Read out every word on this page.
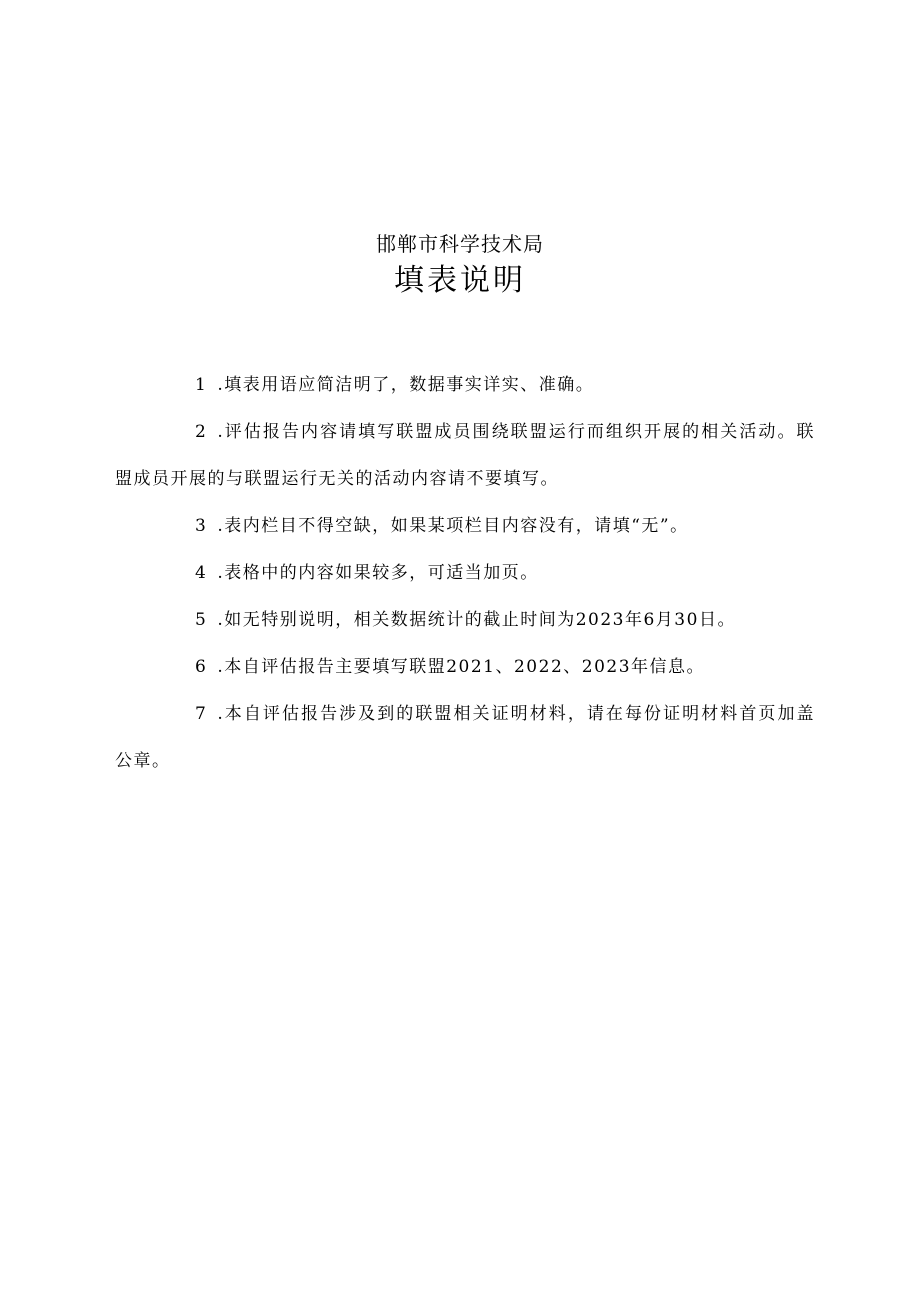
邯郸市科学技术局
填表说明

1 .填表用语应简洁明了，数据事实详实、准确。

2 .评估报告内容请填写联盟成员围绕联盟运行而组织开展的相关活动。联盟成员开展的与联盟运行无关的活动内容请不要填写。

3 .表内栏目不得空缺，如果某项栏目内容没有，请填“无”。

4 .表格中的内容如果较多，可适当加页。

5 .如无特别说明，相关数据统计的截止时间为2023年6月30日。

6 .本自评估报告主要填写联盟2021、2022、2023年信息。

7 .本自评估报告涉及到的联盟相关证明材料，请在每份证明材料首页加盖公章。
